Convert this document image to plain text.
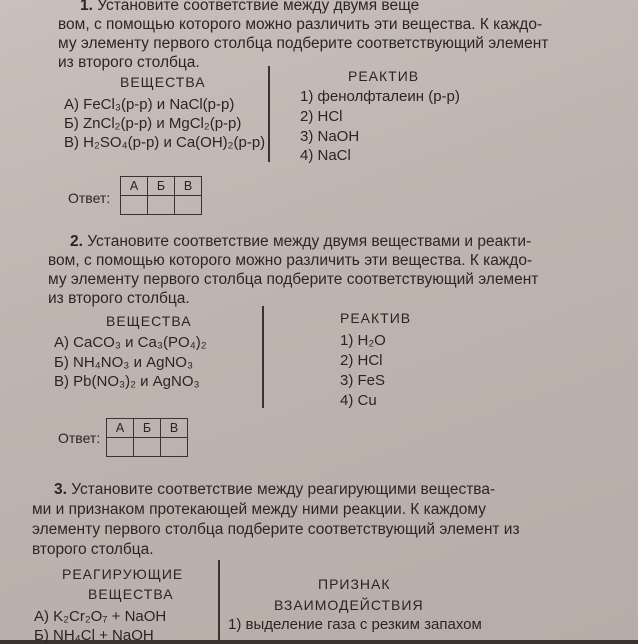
1. Установите соответствие между двумя веще
вом, с помощью которого можно различить эти вещества. К каждо-
му элементу первого столбца подберите соответствующий элемент
из второго столбца.
ВЕЩЕСТВА	РЕАКТИВ
А) FeCl₃(р-р) и NaCl(р-р)
Б) ZnCl₂(р-р) и MgCl₂(р-р)
В) H₂SO₄(р-р) и Ca(OH)₂(р-р)
1) фенолфталеин (р-р)
2) HCl
3) NaOH
4) NaCl
Ответ:
А	Б	В

2. Установите соответствие между двумя веществами и реакти-
вом, с помощью которого можно различить эти вещества. К каждо-
му элементу первого столбца подберите соответствующий элемент
из второго столбца.
ВЕЩЕСТВА	РЕАКТИВ
А) CaCO₃ и Ca₃(PO₄)₂
Б) NH₄NO₃ и AgNO₃
В) Pb(NO₃)₂ и AgNO₃
1) H₂O
2) HCl
3) FeS
4) Cu
Ответ:
А	Б	В

3. Установите соответствие между реагирующими вещества-
ми и признаком протекающей между ними реакции. К каждому
элементу первого столбца подберите соответствующий элемент из
второго столбца.
РЕАГИРУЮЩИЕ
ВЕЩЕСТВА
ПРИЗНАК
ВЗАИМОДЕЙСТВИЯ
А) K₂Cr₂O₇ + NaOH
Б) NH₄Cl + NaOH
1) выделение газа с резким запахом
